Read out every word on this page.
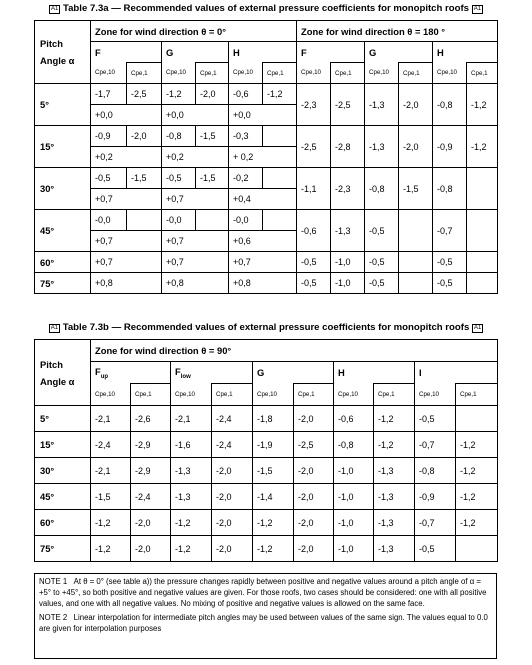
A1 Table 7.3a — Recommended values of external pressure coefficients for monopitch roofs A1
Pitch
Angle α	Zone for wind direction θ = 0°						Zone for wind direction θ = 180 °					
	F		G		H		F		G		H	
	Cpe,10	Cpe,1	Cpe,10	Cpe,1	Cpe,10	Cpe,1	Cpe,10	Cpe,1	Cpe,10	Cpe,1	Cpe,10	Cpe,1
5°	-1,7	-2,5	-1,2	-2,0	-0,6	-1,2	-2,3	-2,5	-1,3	-2,0	-0,8	-1,2
	+0,0		+0,0		+0,0							
15°	-0,9	-2,0	-0,8	-1,5	-0,3		-2,5	-2,8	-1,3	-2,0	-0,9	-1,2
	+0,2		+0,2		+ 0,2							
30°	-0,5	-1,5	-0,5	-1,5	-0,2		-1,1	-2,3	-0,8	-1,5	-0,8	
	+0,7		+0,7		+0,4							
45°	-0,0		-0,0		-0,0		-0,6	-1,3	-0,5		-0,7	
	+0,7		+0,7		+0,6							
60°	+0,7		+0,7		+0,7		-0,5	-1,0	-0,5		-0,5	
75°	+0,8		+0,8		+0,8		-0,5	-1,0	-0,5		-0,5	
A1 Table 7.3b — Recommended values of external pressure coefficients for monopitch roofs A1
Pitch
Angle α	Zone for wind direction θ = 90°									
	$F_{up}$		$F_{low}$		G		H		I	
	Cpe,10	Cpe,1	Cpe,10	Cpe,1	Cpe,10	Cpe,1	Cpe,10	Cpe,1	Cpe,10	Cpe,1
5°	-2,1	-2,6	-2,1	-2,4	-1,8	-2,0	-0,6	-1,2	-0,5	
15°	-2,4	-2,9	-1,6	-2,4	-1,9	-2,5	-0,8	-1,2	-0,7	-1,2
30°	-2,1	-2,9	-1,3	-2,0	-1,5	-2,0	-1,0	-1,3	-0,8	-1,2
45°	-1,5	-2,4	-1,3	-2,0	-1,4	-2,0	-1,0	-1,3	-0,9	-1,2
60°	-1,2	-2,0	-1,2	-2,0	-1,2	-2,0	-1,0	-1,3	-0,7	-1,2
75°	-1,2	-2,0	-1,2	-2,0	-1,2	-2,0	-1,0	-1,3	-0,5	

NOTE 1 At θ = 0° (see table a)) the pressure changes rapidly between positive and negative values around a pitch angle of α = +5° to +45°, so both positive and negative values are given. For those roofs, two cases should be considered: one with all positive values, and one with all negative values. No mixing of positive and negative values is allowed on the same face.

NOTE 2 Linear interpolation for intermediate pitch angles may be used between values of the same sign. The values equal to 0.0 are given for interpolation purposes
